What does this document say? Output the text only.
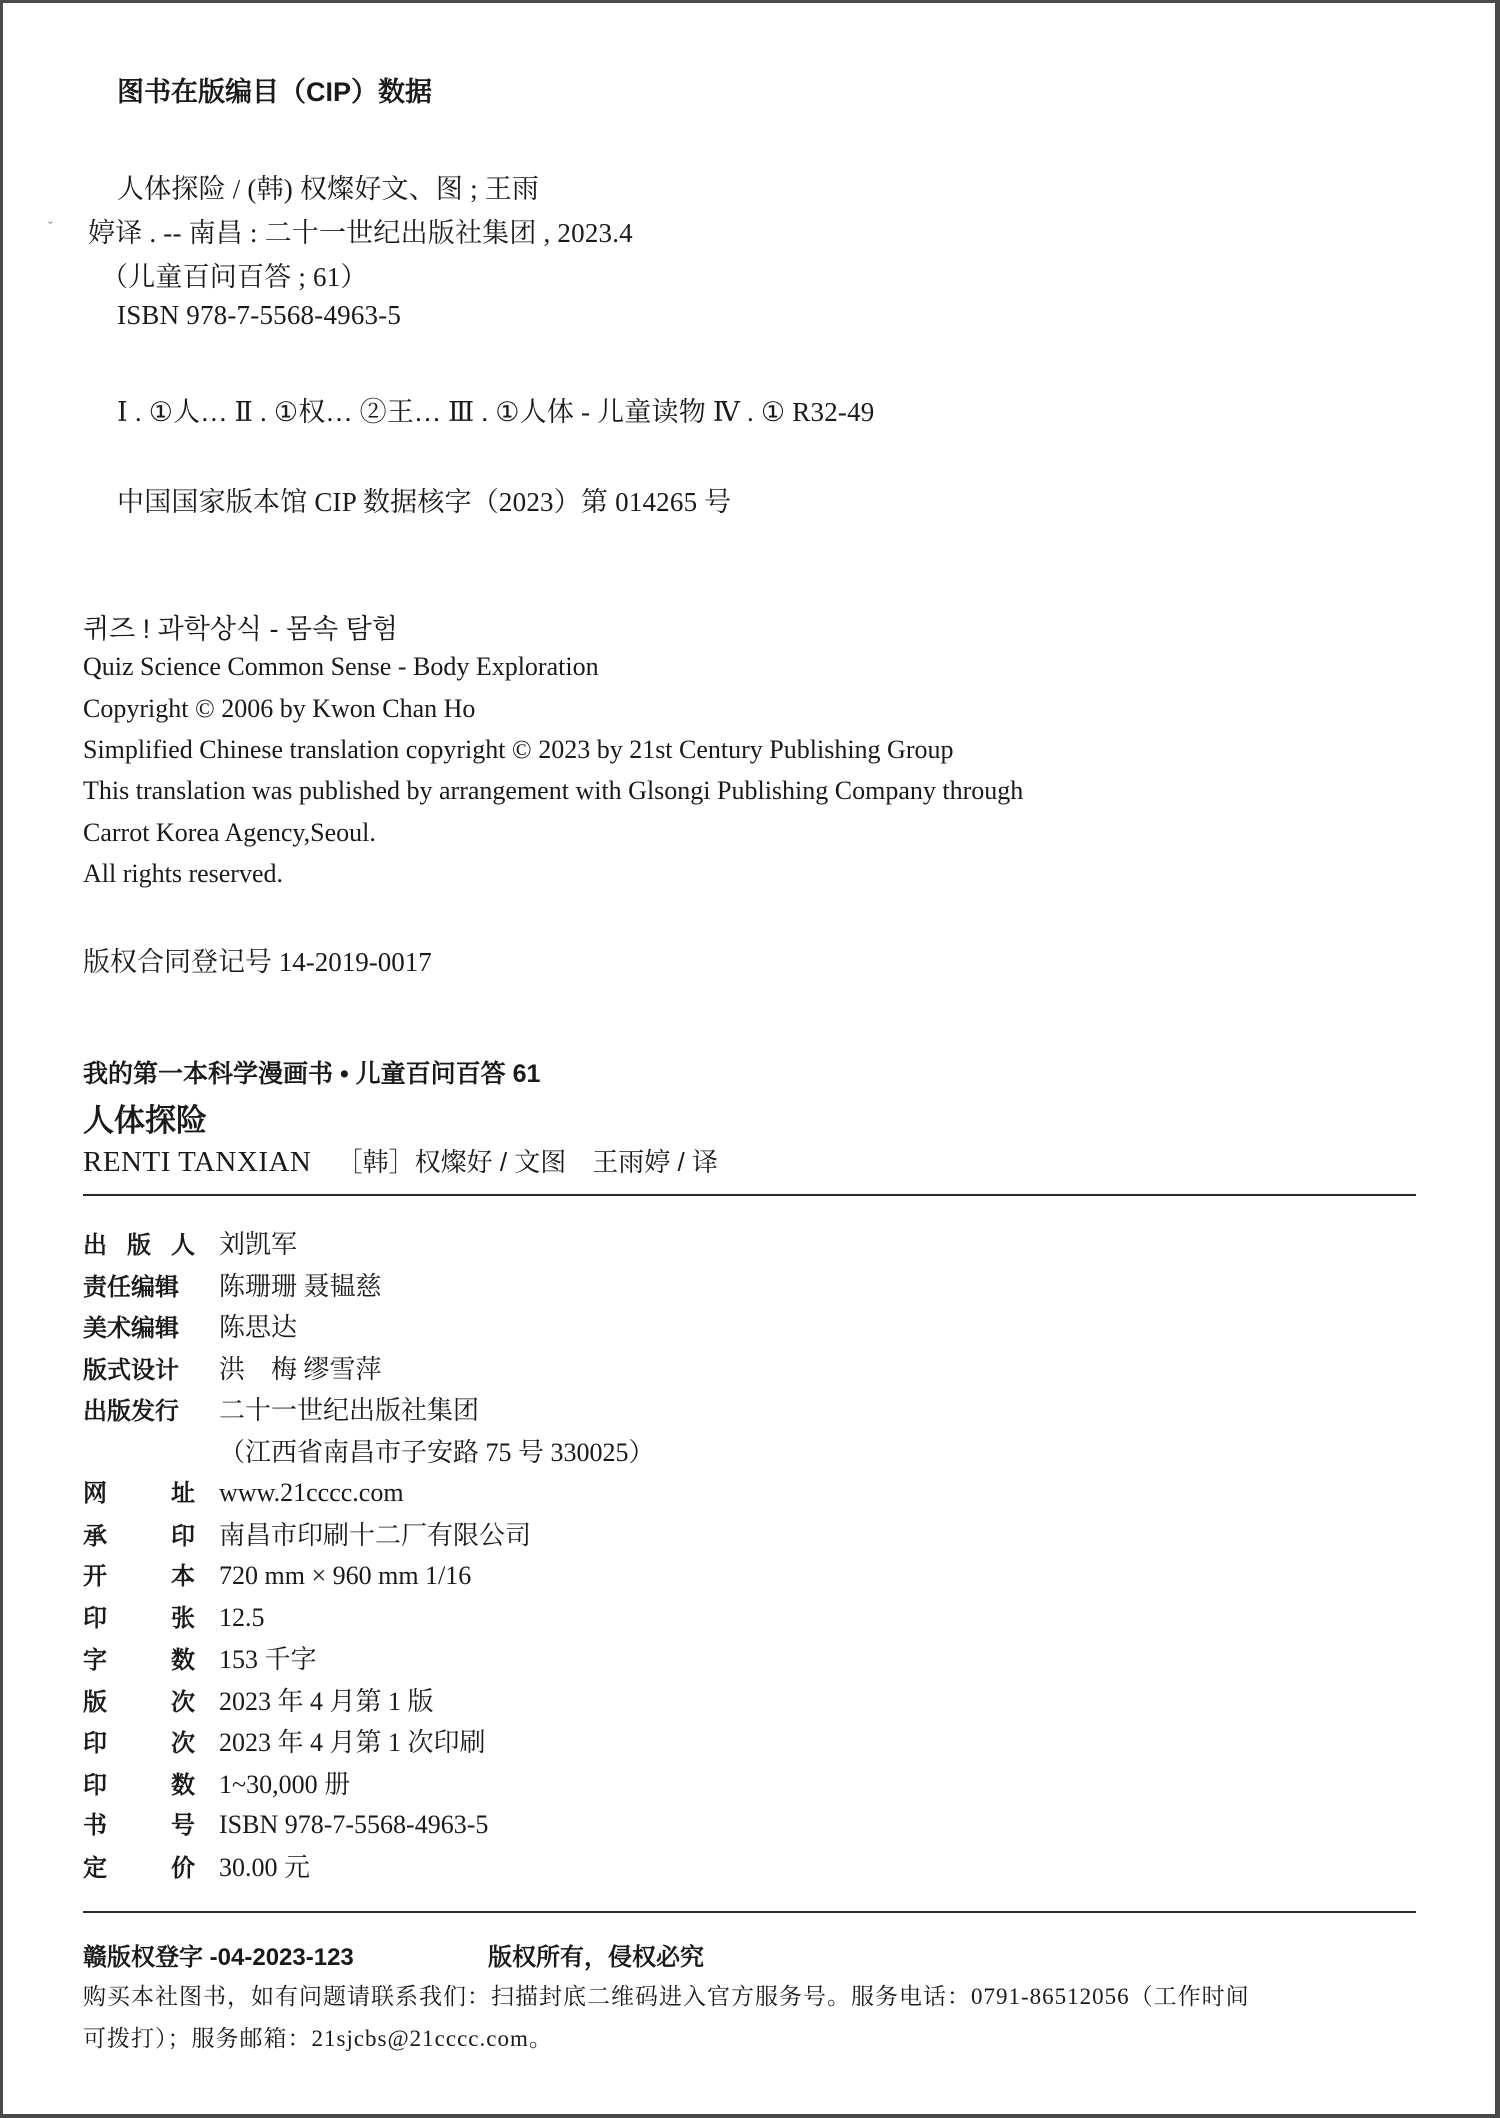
图书在版编目（CIP）数据
ˇ
人体探险 / (韩) 权燦好文、图 ; 王雨
婷译 . -- 南昌 : 二十一世纪出版社集团 , 2023.4
（儿童百问百答 ; 61）
ISBN 978-7-5568-4963-5
Ⅰ . ①人… Ⅱ . ①权… ②王… Ⅲ . ①人体 - 儿童读物 Ⅳ . ① R32-49
中国国家版本馆 CIP 数据核字（2023）第 014265 号
퀴즈 ! 과학상식 - 몸속 탐험
Quiz Science Common Sense - Body Exploration
Copyright © 2006 by Kwon Chan Ho
Simplified Chinese translation copyright © 2023 by 21st Century Publishing Group
This translation was published by arrangement with Glsongi Publishing Company through
Carrot Korea Agency,Seoul.
All rights reserved.
版权合同登记号 14-2019-0017
我的第一本科学漫画书 • 儿童百问百答 61
人体探险
RENTI TANXIAN ［韩］权燦好 / 文图　王雨婷 / 译
出 版 人 刘凯军
责任编辑 陈珊珊 聂韫慈
美术编辑 陈思达
版式设计 洪　梅 缪雪萍
出版发行 二十一世纪出版社集团
（江西省南昌市子安路 75 号 330025）
网	址 www.21cccc.com
承	印 南昌市印刷十二厂有限公司
开	本 720 mm × 960 mm 1/16
印	张 12.5
字	数 153 千字
版	次 2023 年 4 月第 1 版
印	次 2023 年 4 月第 1 次印刷
印	数 1~30,000 册
书	号 ISBN 978-7-5568-4963-5
定	价 30.00 元
赣版权登字 -04-2023-123	版权所有，侵权必究
购买本社图书，如有问题请联系我们：扫描封底二维码进入官方服务号。服务电话：0791-86512056（工作时间
可拨打）；服务邮箱：21sjcbs@21cccc.com。
